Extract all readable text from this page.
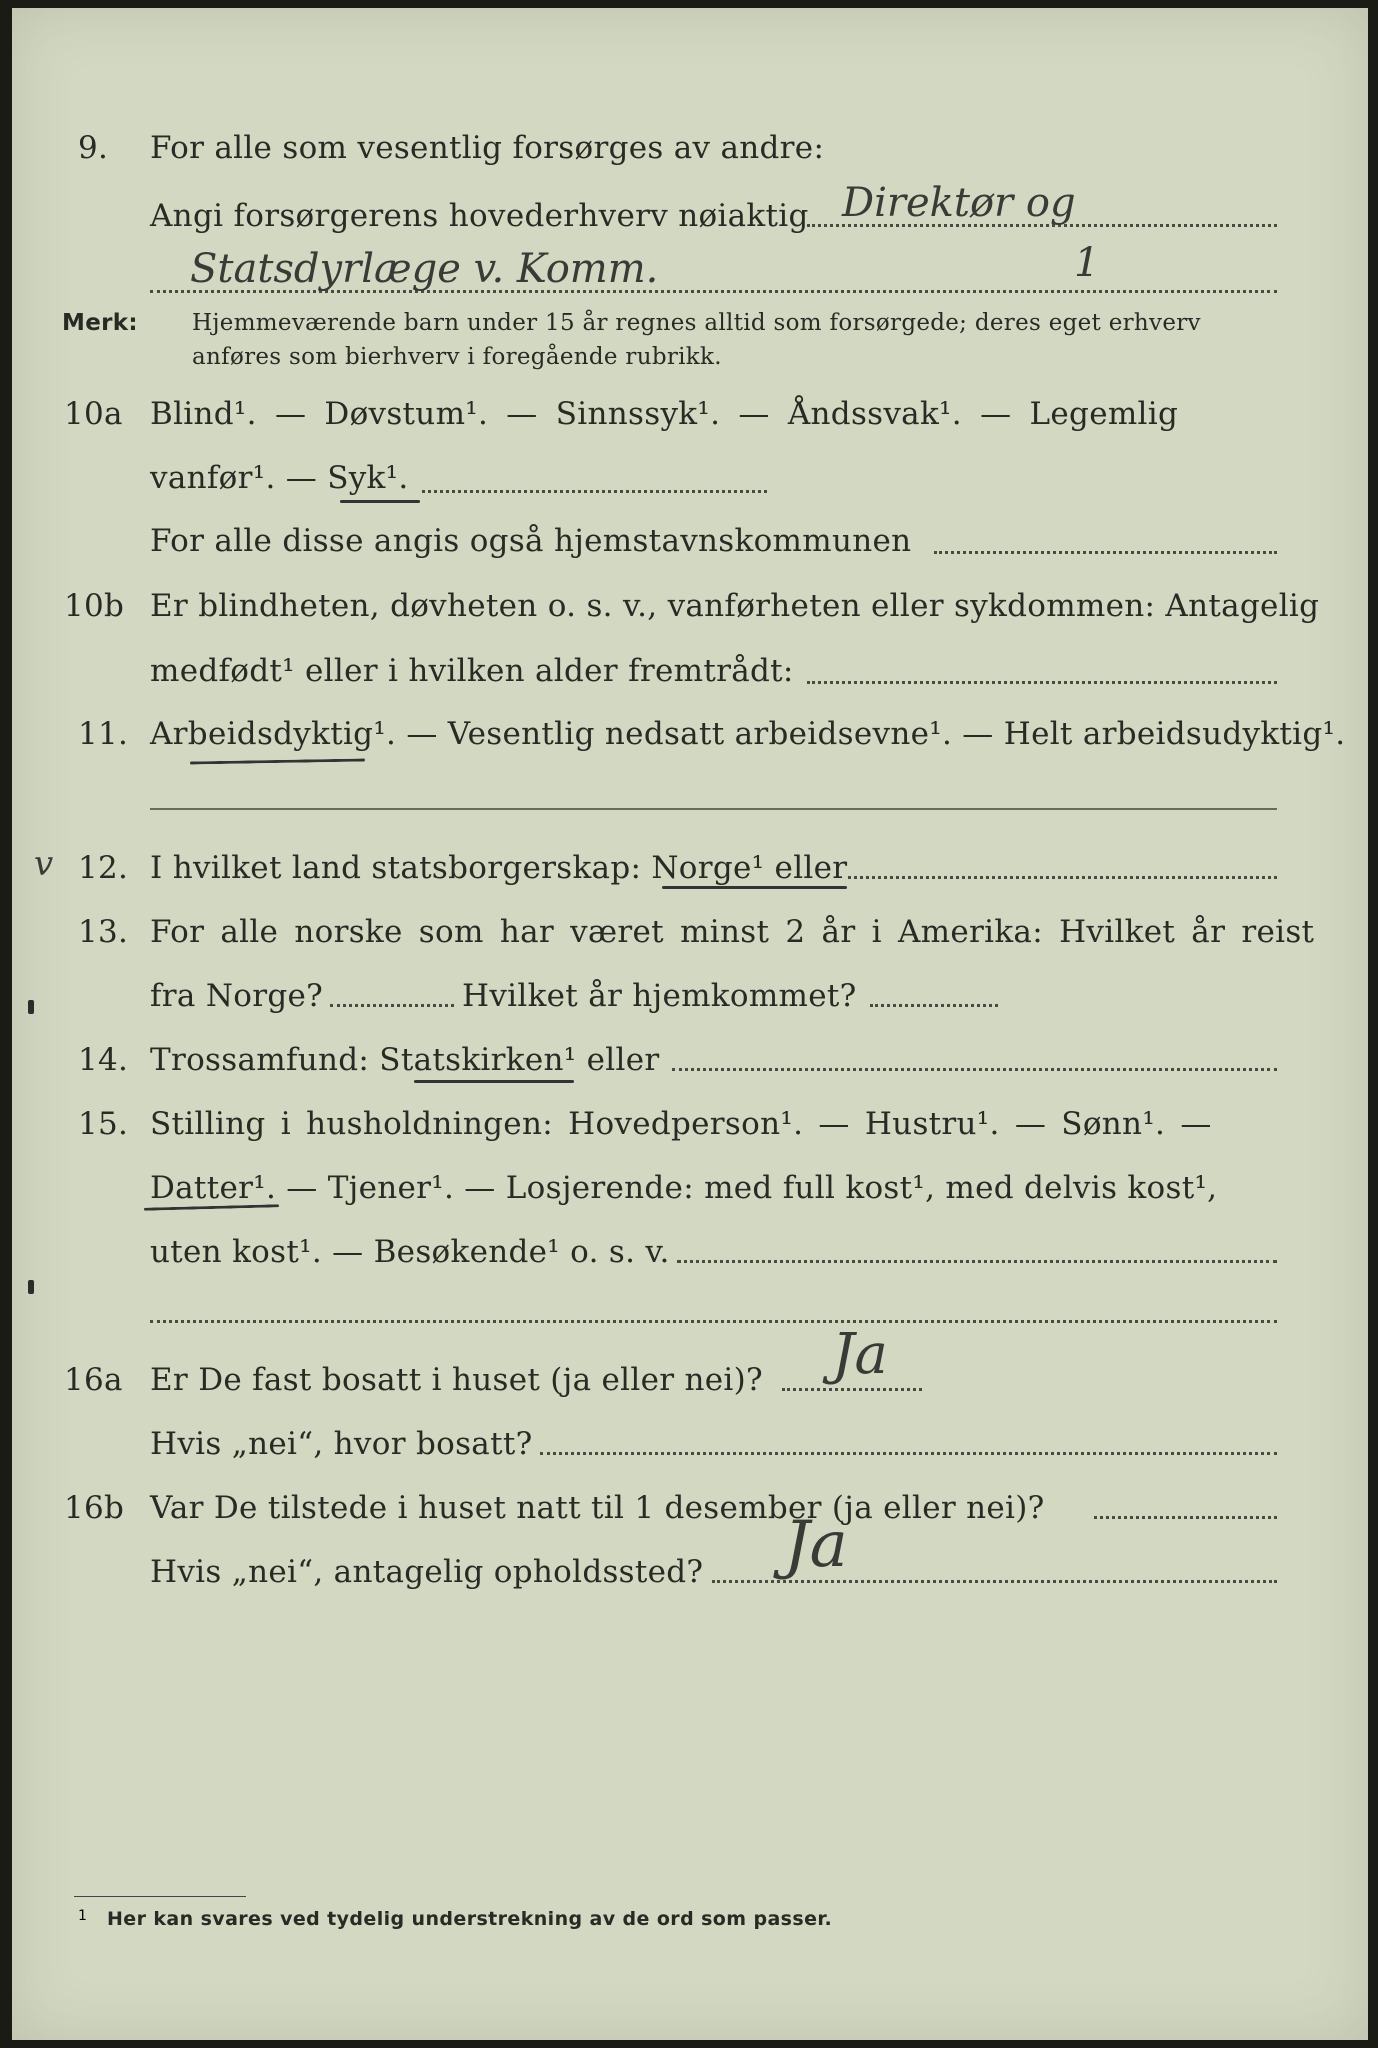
9. For alle som vesentlig forsørges av andre:
Angi forsørgerens hovederhverv nøiaktig Direktør og
Statsdyrlæge v. Komm.	1
Merk: Hjemmeværende barn under 15 år regnes alltid som forsørgede; deres eget erhverv
anføres som bierhverv i foregående rubrikk.
10a Blind¹. — Døvstum¹. — Sinnssyk¹. — Åndssvak¹. — Legemlig
vanfør¹. — Syk¹.
For alle disse angis også hjemstavnskommunen
10b Er blindheten, døvheten o. s. v., vanførheten eller sykdommen: Antagelig
medfødt¹ eller i hvilken alder fremtrådt:
11. Arbeidsdyktig¹. — Vesentlig nedsatt arbeidsevne¹. — Helt arbeidsudyktig¹.
v 12. I hvilket land statsborgerskap: Norge¹ eller
13. For alle norske som har været minst 2 år i Amerika: Hvilket år reist
fra Norge?	Hvilket år hjemkommet?
14. Trossamfund: Statskirken¹ eller
15. Stilling i husholdningen: Hovedperson¹. — Hustru¹. — Sønn¹. —
Datter¹. — Tjener¹. — Losjerende: med full kost¹, med delvis kost¹,
uten kost¹. — Besøkende¹ o. s. v.
16a Er De fast bosatt i huset (ja eller nei)? Ja
Hvis „nei“, hvor bosatt?
16b Var De tilstede i huset natt til 1 desember (ja eller nei)?
Hvis „nei“, antagelig opholdssted? Ja
1 Her kan svares ved tydelig understrekning av de ord som passer.
